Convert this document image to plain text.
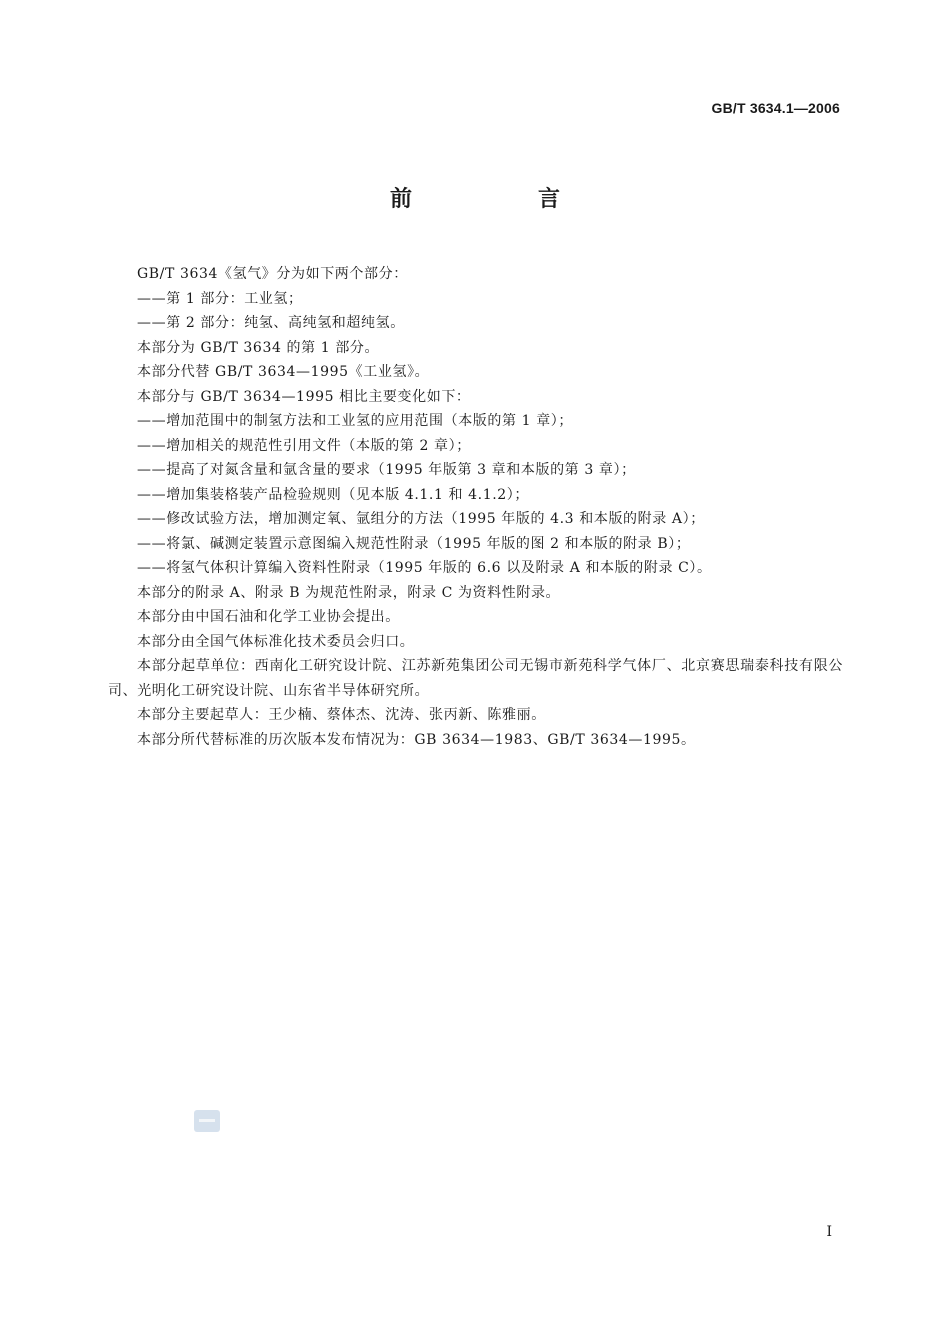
GB/T 3634.1—2006
前　言

GB/T 3634《氢气》分为如下两个部分：

——第 1 部分：工业氢；

——第 2 部分：纯氢、高纯氢和超纯氢。

本部分为 GB/T 3634 的第 1 部分。

本部分代替 GB/T 3634—1995《工业氢》。

本部分与 GB/T 3634—1995 相比主要变化如下：

——增加范围中的制氢方法和工业氢的应用范围（本版的第 1 章）；

——增加相关的规范性引用文件（本版的第 2 章）；

——提高了对氮含量和氩含量的要求（1995 年版第 3 章和本版的第 3 章）；

——增加集装格装产品检验规则（见本版 4.1.1 和 4.1.2）；

——修改试验方法，增加测定氧、氩组分的方法（1995 年版的 4.3 和本版的附录 A）；

——将氯、碱测定装置示意图编入规范性附录（1995 年版的图 2 和本版的附录 B）；

——将氢气体积计算编入资料性附录（1995 年版的 6.6 以及附录 A 和本版的附录 C）。

本部分的附录 A、附录 B 为规范性附录，附录 C 为资料性附录。

本部分由中国石油和化学工业协会提出。

本部分由全国气体标准化技术委员会归口。

本部分起草单位：西南化工研究设计院、江苏新苑集团公司无锡市新苑科学气体厂、北京赛思瑞泰科技有限公司、光明化工研究设计院、山东省半导体研究所。

本部分主要起草人：王少楠、蔡体杰、沈涛、张丙新、陈雅丽。

本部分所代替标准的历次版本发布情况为：GB 3634—1983、GB/T 3634—1995。

I
